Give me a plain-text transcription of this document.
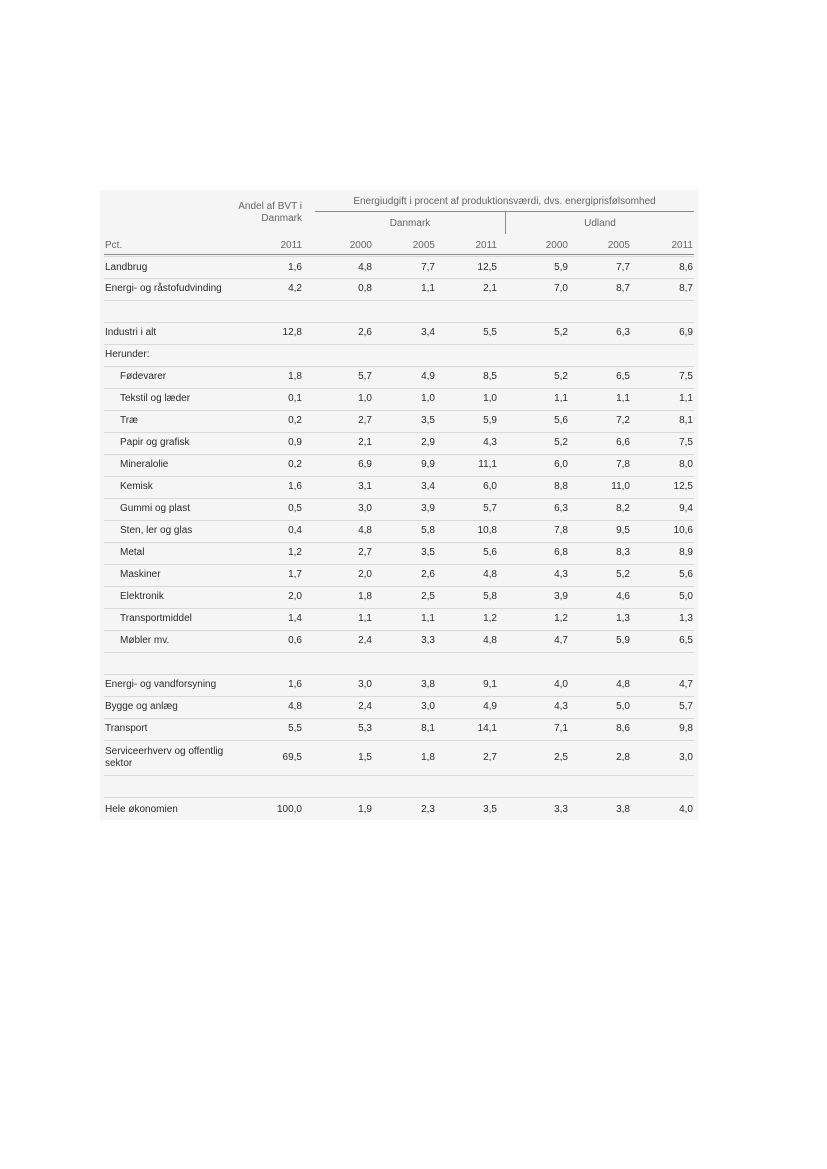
Andel af BVT i
Danmark
Energiudgift i procent af produktionsværdi, dvs. energiprisfølsomhed
Danmark	Udland
Pct.	2011	2000	2005	2011	2000	2005	2011
Landbrug	1,6	4,8	7,7	12,5	5,9	7,7	8,6
Energi- og råstofudvinding	4,2	0,8	1,1	2,1	7,0	8,7	8,7
Industri i alt	12,8	2,6	3,4	5,5	5,2	6,3	6,9
Herunder:
Fødevarer	1,8	5,7	4,9	8,5	5,2	6,5	7,5
Tekstil og læder	0,1	1,0	1,0	1,0	1,1	1,1	1,1
Træ	0,2	2,7	3,5	5,9	5,6	7,2	8,1
Papir og grafisk	0,9	2,1	2,9	4,3	5,2	6,6	7,5
Mineralolie	0,2	6,9	9,9	11,1	6,0	7,8	8,0
Kemisk	1,6	3,1	3,4	6,0	8,8	11,0	12,5
Gummi og plast	0,5	3,0	3,9	5,7	6,3	8,2	9,4
Sten, ler og glas	0,4	4,8	5,8	10,8	7,8	9,5	10,6
Metal	1,2	2,7	3,5	5,6	6,8	8,3	8,9
Maskiner	1,7	2,0	2,6	4,8	4,3	5,2	5,6
Elektronik	2,0	1,8	2,5	5,8	3,9	4,6	5,0
Transportmiddel	1,4	1,1	1,1	1,2	1,2	1,3	1,3
Møbler mv.	0,6	2,4	3,3	4,8	4,7	5,9	6,5
Energi- og vandforsyning	1,6	3,0	3,8	9,1	4,0	4,8	4,7
Bygge og anlæg	4,8	2,4	3,0	4,9	4,3	5,0	5,7
Transport	5,5	5,3	8,1	14,1	7,1	8,6	9,8
Serviceerhverv og offentlig
sektor
69,5	1,5	1,8	2,7	2,5	2,8	3,0
Hele økonomien	100,0	1,9	2,3	3,5	3,3	3,8	4,0
